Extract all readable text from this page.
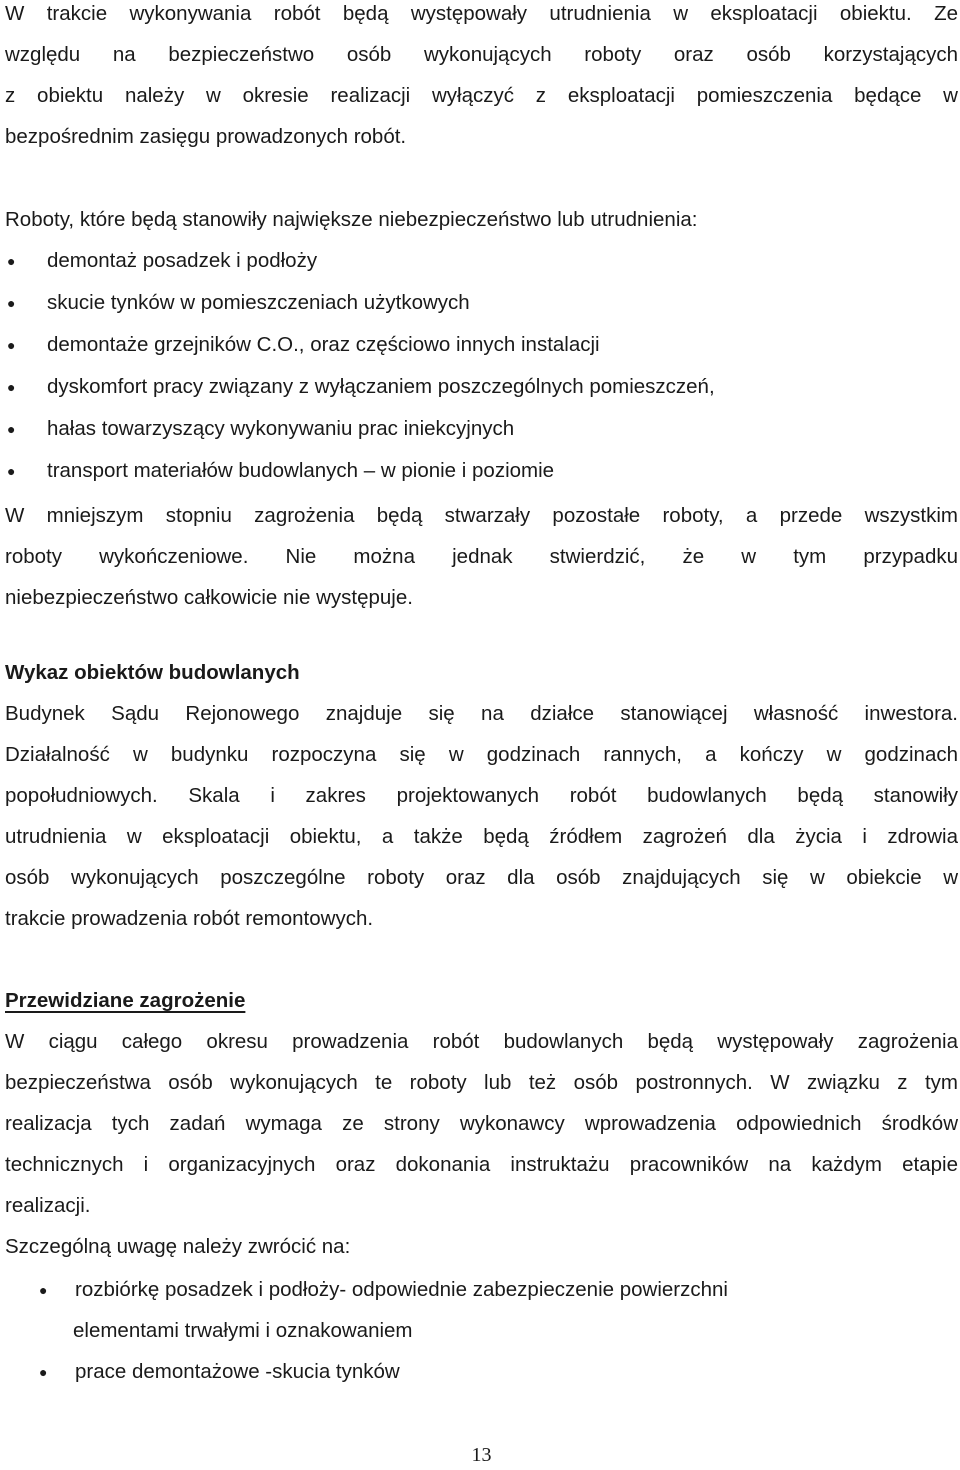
W trakcie wykonywania robót będą występowały utrudnienia w eksploatacji obiektu. Ze
względu na bezpieczeństwo osób wykonujących roboty oraz osób korzystających
z obiektu należy w okresie realizacji wyłączyć z eksploatacji pomieszczenia będące w
bezpośrednim zasięgu prowadzonych robót.
Roboty, które będą stanowiły największe niebezpieczeństwo lub utrudnienia:
● demontaż posadzek i podłoży
● skucie tynków w pomieszczeniach użytkowych
● demontaże grzejników C.O., oraz częściowo innych instalacji
● dyskomfort pracy związany z wyłączaniem poszczególnych pomieszczeń,
● hałas towarzyszący wykonywaniu prac iniekcyjnych
● transport materiałów budowlanych – w pionie i poziomie
W mniejszym stopniu zagrożenia będą stwarzały pozostałe roboty, a przede wszystkim
roboty wykończeniowe. Nie można jednak stwierdzić, że w tym przypadku
niebezpieczeństwo całkowicie nie występuje.
Wykaz obiektów budowlanych
Budynek Sądu Rejonowego znajduje się na działce stanowiącej własność inwestora.
Działalność w budynku rozpoczyna się w godzinach rannych, a kończy w godzinach
popołudniowych. Skala i zakres projektowanych robót budowlanych będą stanowiły
utrudnienia w eksploatacji obiektu, a także będą źródłem zagrożeń dla życia i zdrowia
osób wykonujących poszczególne roboty oraz dla osób znajdujących się w obiekcie w
trakcie prowadzenia robót remontowych.
Przewidziane zagrożenie
W ciągu całego okresu prowadzenia robót budowlanych będą występowały zagrożenia
bezpieczeństwa osób wykonujących te roboty lub też osób postronnych. W związku z tym
realizacja tych zadań wymaga ze strony wykonawcy wprowadzenia odpowiednich środków
technicznych i organizacyjnych oraz dokonania instruktażu pracowników na każdym etapie
realizacji.
Szczególną uwagę należy zwrócić na:
● rozbiórkę posadzek i podłoży- odpowiednie zabezpieczenie powierzchni
elementami trwałymi i oznakowaniem
● prace demontażowe -skucia tynków
13
